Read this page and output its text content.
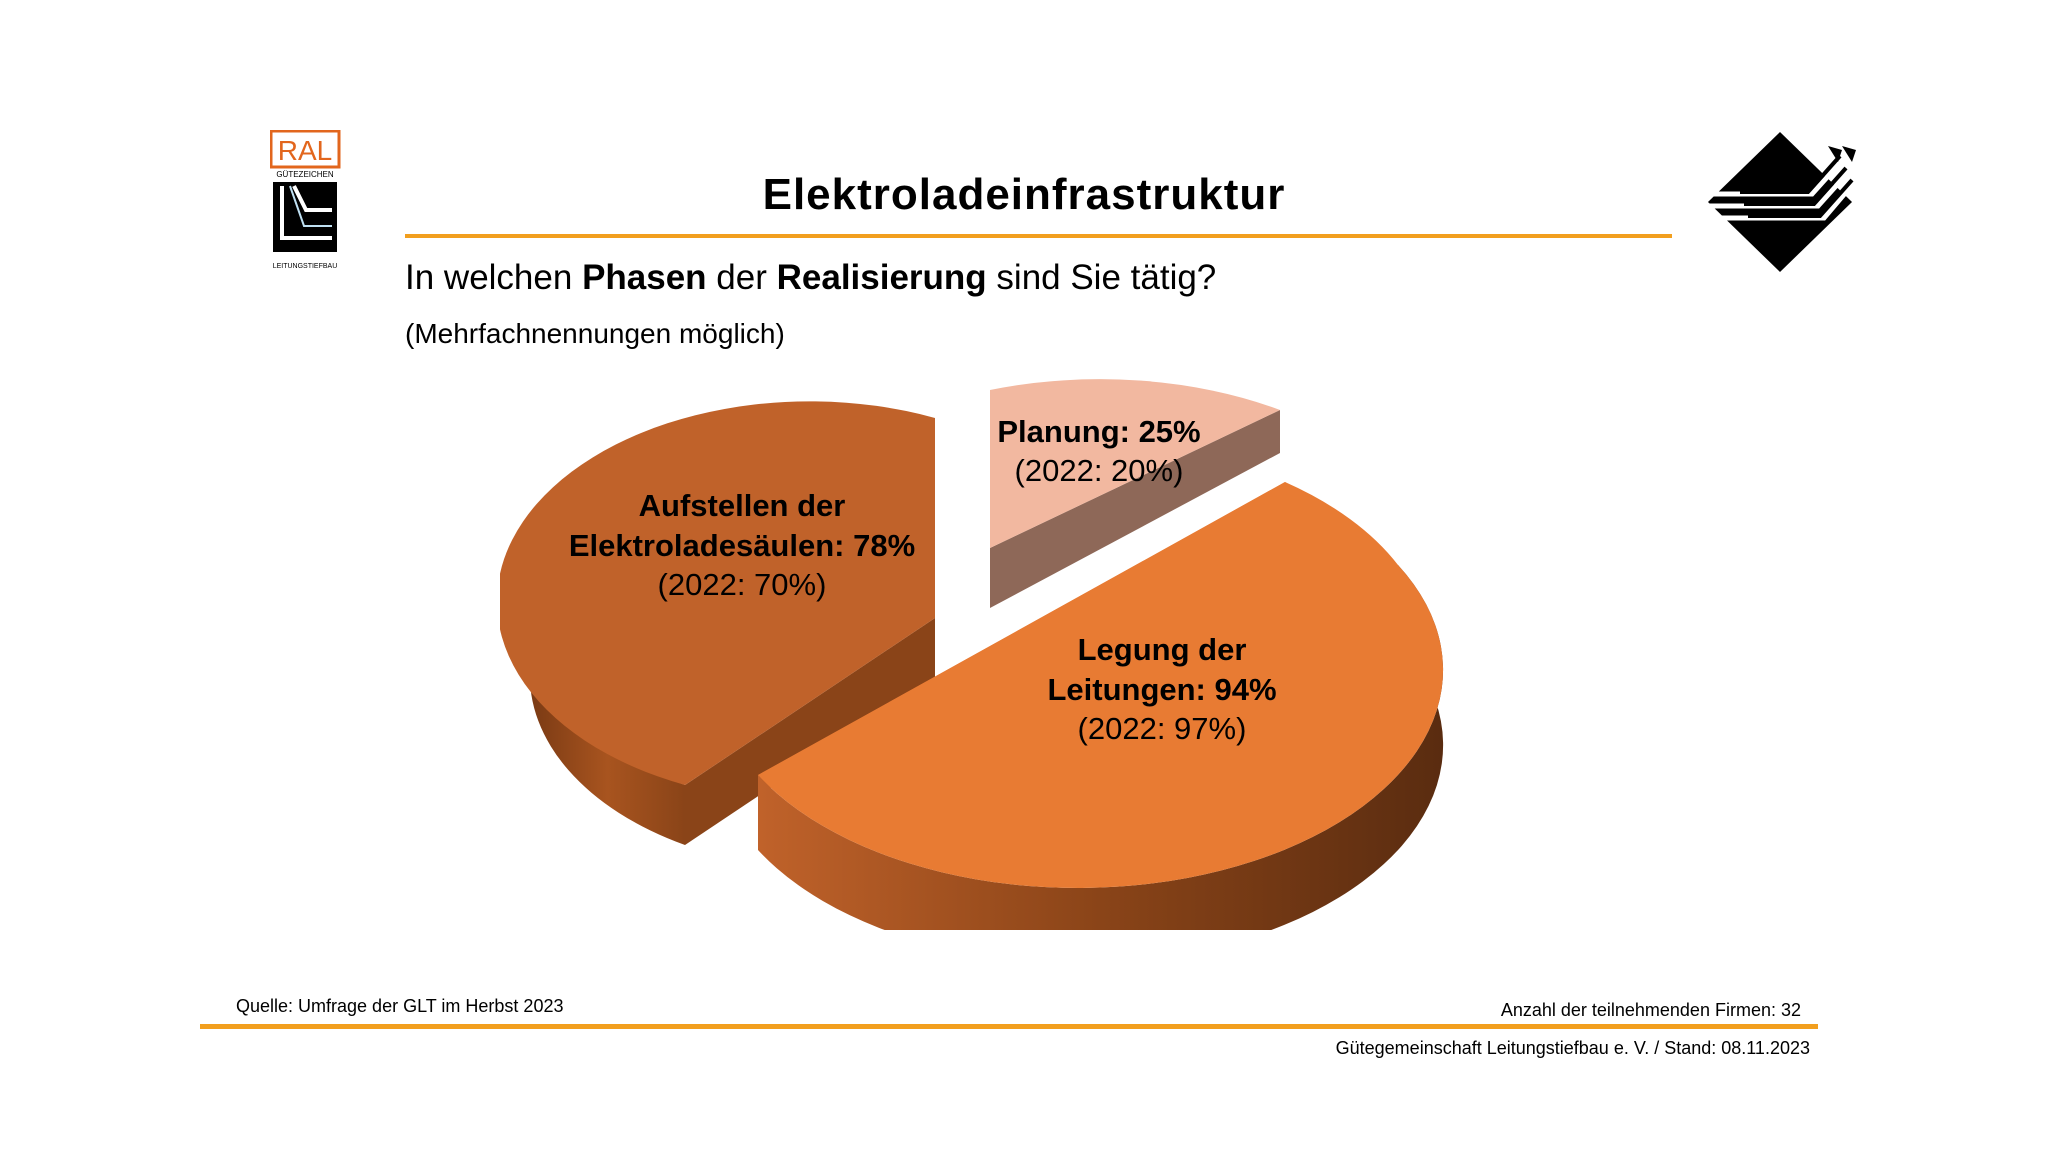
RAL
GÜTEZEICHEN
LEITUNGSTIEFBAU
Elektroladeinfrastruktur
In welchen Phasen der Realisierung sind Sie tätig?
(Mehrfachnennungen möglich)
Planung: 25%
(2022: 20%)
Aufstellen der
Elektroladesäulen: 78%
(2022: 70%)
Legung der
Leitungen: 94%
(2022: 97%)
Quelle: Umfrage der GLT im Herbst 2023	Anzahl der teilnehmenden Firmen: 32
Gütegemeinschaft Leitungstiefbau e. V. / Stand: 08.11.2023
